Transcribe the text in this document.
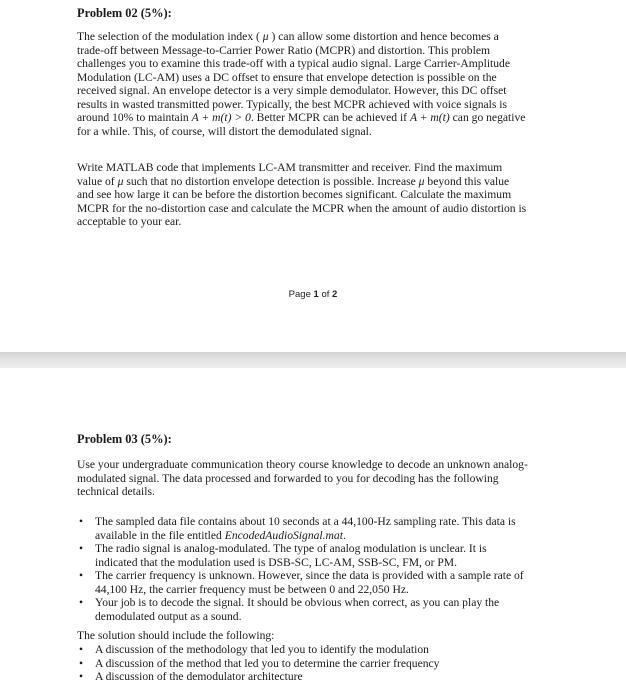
Problem 02 (5%):
The selection of the modulation index ( μ ) can allow some distortion and hence becomes a
trade-off between Message-to-Carrier Power Ratio (MCPR) and distortion. This problem
challenges you to examine this trade-off with a typical audio signal. Large Carrier-Amplitude
Modulation (LC-AM) uses a DC offset to ensure that envelope detection is possible on the
received signal. An envelope detector is a very simple demodulator. However, this DC offset
results in wasted transmitted power. Typically, the best MCPR achieved with voice signals is
around 10% to maintain A + m(t) > 0. Better MCPR can be achieved if A + m(t) can go negative
for a while. This, of course, will distort the demodulated signal.
Write MATLAB code that implements LC-AM transmitter and receiver. Find the maximum
value of μ such that no distortion envelope detection is possible. Increase μ beyond this value
and see how large it can be before the distortion becomes significant. Calculate the maximum
MCPR for the no-distortion case and calculate the MCPR when the amount of audio distortion is
acceptable to your ear.
Page 1 of 2
Problem 03 (5%):
Use your undergraduate communication theory course knowledge to decode an unknown analog-
modulated signal. The data processed and forwarded to you for decoding has the following
technical details.
• The sampled data file contains about 10 seconds at a 44,100-Hz sampling rate. This data is
available in the file entitled EncodedAudioSignal.mat.
• The radio signal is analog-modulated. The type of analog modulation is unclear. It is
indicated that the modulation used is DSB-SC, LC-AM, SSB-SC, FM, or PM.
• The carrier frequency is unknown. However, since the data is provided with a sample rate of
44,100 Hz, the carrier frequency must be between 0 and 22,050 Hz.
• Your job is to decode the signal. It should be obvious when correct, as you can play the
demodulated output as a sound.
The solution should include the following:
• A discussion of the methodology that led you to identify the modulation
• A discussion of the method that led you to determine the carrier frequency
• A discussion of the demodulator architecture
